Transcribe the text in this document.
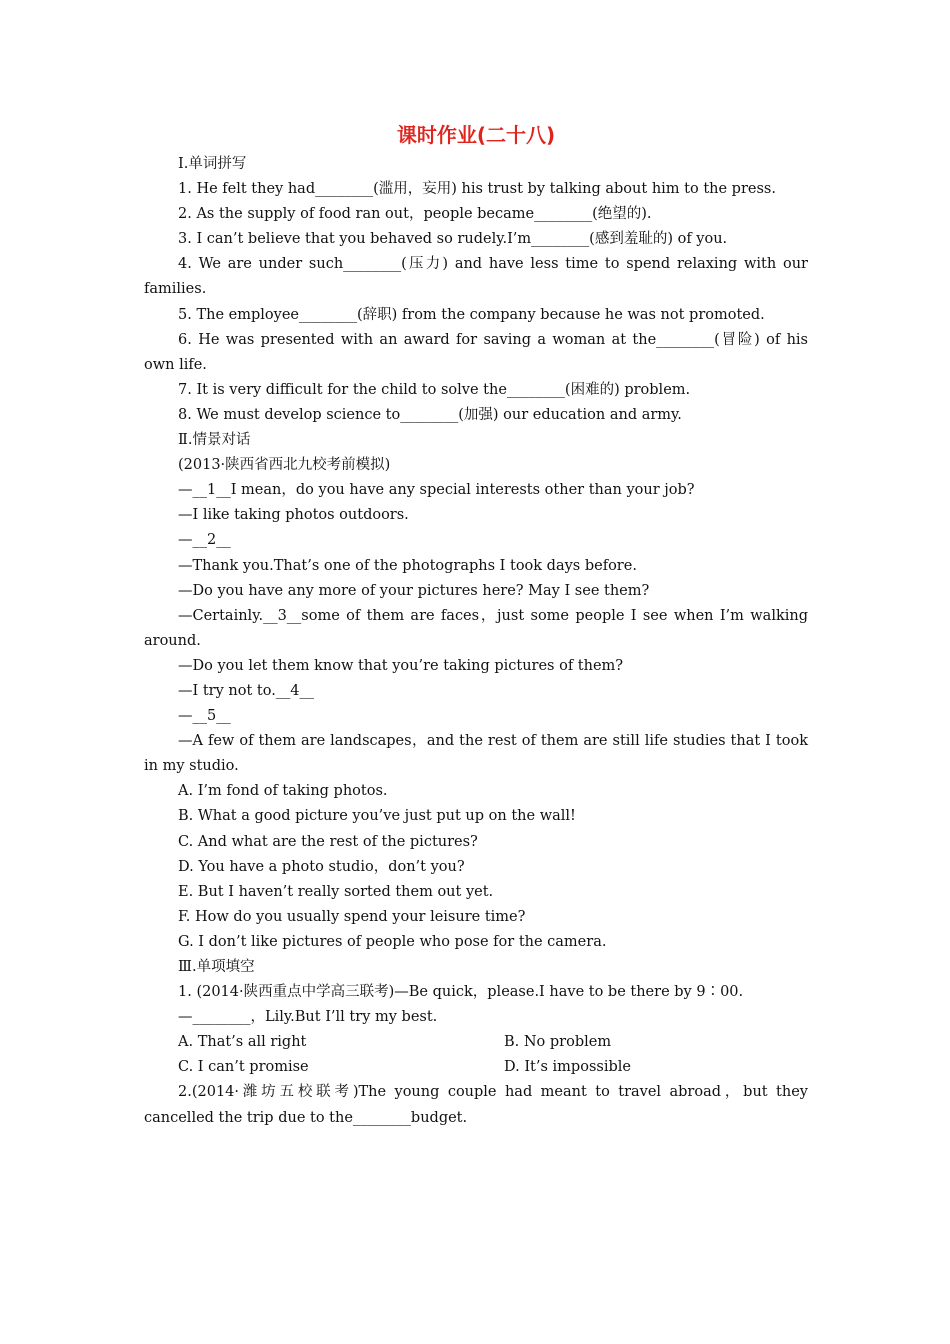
课时作业(二十八)
Ⅰ.单词拼写
1. He felt they had________(滥用，妄用) his trust by talking about him to the press.
2. As the supply of food ran out，people became________(绝望的).
3. I can’t believe that you behaved so rudely.I’m________(感到羞耻的) of you.
4. We are under such________(压力) and have less time to spend relaxing with our families.
5. The employee________(辞职) from the company because he was not promoted.
6. He was presented with an award for saving a woman at the________(冒险) of his own life.
7. It is very difficult for the child to solve the________(困难的) problem.
8. We must develop science to________(加强) our education and army.
Ⅱ.情景对话
(2013·陕西省西北九校考前模拟)
—__1__I mean，do you have any special interests other than your job?
—I like taking photos outdoors.
—__2__
—Thank you.That’s one of the photographs I took days before.
—Do you have any more of your pictures here? May I see them?
—Certainly.__3__some of them are faces，just some people I see when I’m walking around.
—Do you let them know that you’re taking pictures of them?
—I try not to.__4__
—__5__
—A few of them are landscapes，and the rest of them are still life studies that I took in my studio.
A. I’m fond of taking photos.
B. What a good picture you’ve just put up on the wall!
C. And what are the rest of the pictures?
D. You have a photo studio，don’t you?
E. But I haven’t really sorted them out yet.
F. How do you usually spend your leisure time?
G. I don’t like pictures of people who pose for the camera.
Ⅲ.单项填空
1. (2014·陕西重点中学高三联考)—Be quick，please.I have to be there by 9∶00.
—________，Lily.But I’ll try my best.
A. That’s all right	B. No problem
C. I can’t promise	D. It’s impossible
2.(2014·潍坊五校联考)The young couple had meant to travel abroad，but they cancelled the trip due to the________budget.
